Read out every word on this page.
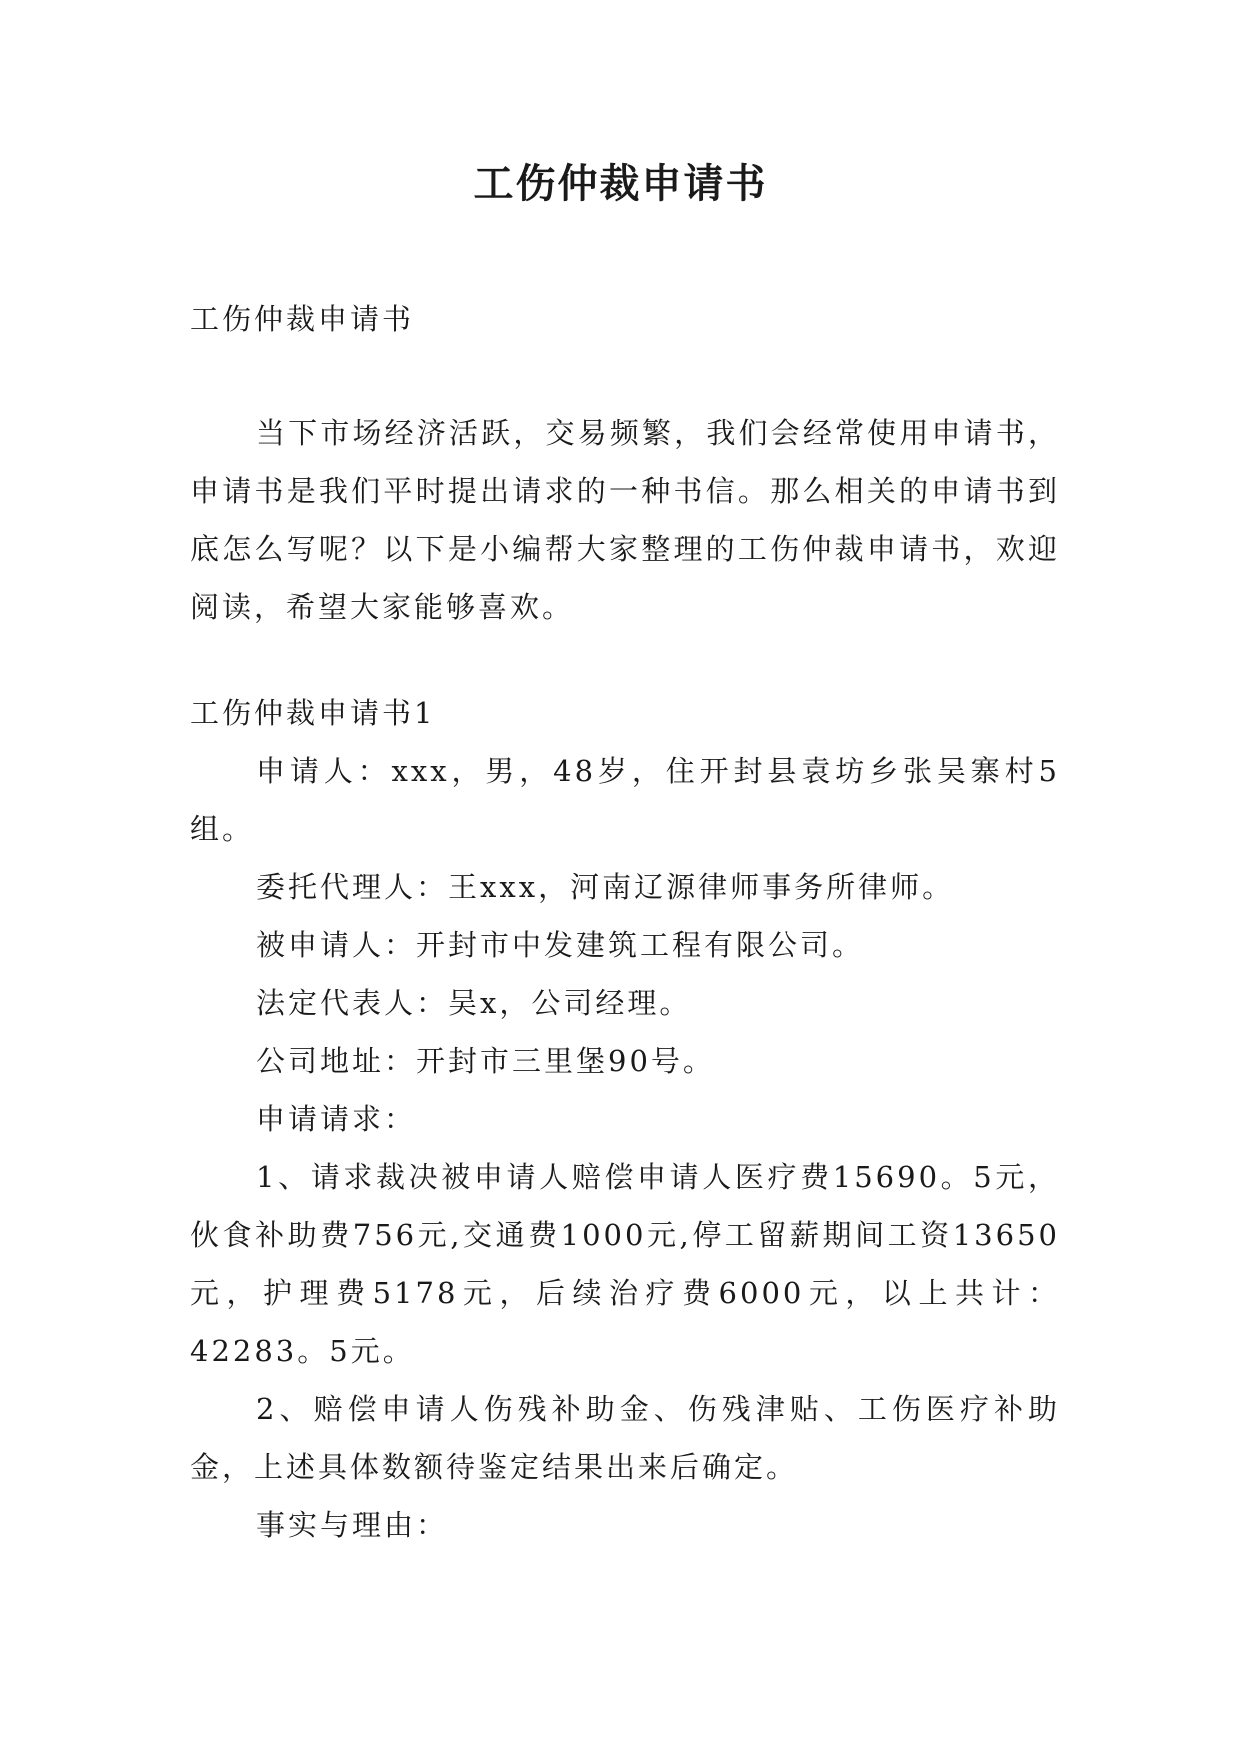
工伤仲裁申请书

工伤仲裁申请书

当下市场经济活跃，交易频繁，我们会经常使用申请书，申请书是我们平时提出请求的一种书信。那么相关的申请书到底怎么写呢？以下是小编帮大家整理的工伤仲裁申请书，欢迎阅读，希望大家能够喜欢。

工伤仲裁申请书1

申请人：xxx，男，48岁，住开封县袁坊乡张吴寨村5组。

委托代理人：王xxx，河南辽源律师事务所律师。

被申请人：开封市中发建筑工程有限公司。

法定代表人：吴x，公司经理。

公司地址：开封市三里堡90号。

申请请求：

1、请求裁决被申请人赔偿申请人医疗费15690。5元，伙食补助费756元,交通费1000元,停工留薪期间工资13650元，护理费5178元，后续治疗费6000元，以上共计：42283。5元。

2、赔偿申请人伤残补助金、伤残津贴、工伤医疗补助金，上述具体数额待鉴定结果出来后确定。

事实与理由：
